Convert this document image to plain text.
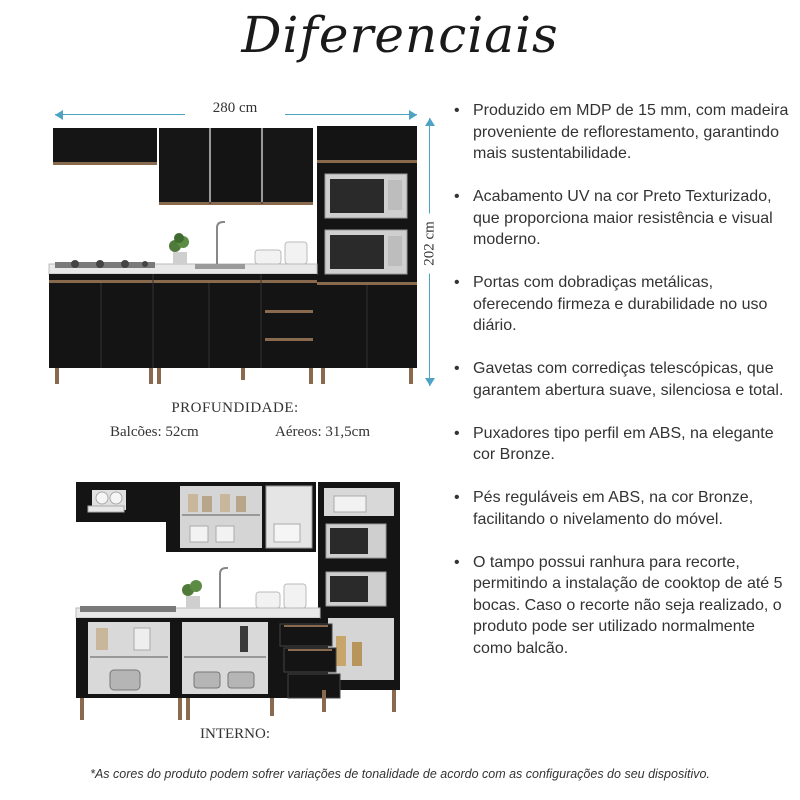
Diferenciais
280 cm
202 cm
PROFUNDIDADE:
Balcões: 52cm	Aéreos: 31,5cm
INTERNO:
• Produzido em MDP de 15 mm, com madeira proveniente de reflorestamento, garantindo mais sustentabilidade.
• Acabamento UV na cor Preto Texturizado, que proporciona maior resistência e visual moderno.
• Portas com dobradiças metálicas, oferecendo firmeza e durabilidade no uso diário.
• Gavetas com corrediças telescópicas, que garantem abertura suave, silenciosa e total.
• Puxadores tipo perfil em ABS, na elegante cor Bronze.
• Pés reguláveis em ABS, na cor Bronze, facilitando o nivelamento do móvel.
• O tampo possui ranhura para recorte, permitindo a instalação de cooktop de até 5 bocas. Caso o recorte não seja realizado, o produto pode ser utilizado normalmente como balcão.
*As cores do produto podem sofrer variações de tonalidade de acordo com as configurações do seu dispositivo.
